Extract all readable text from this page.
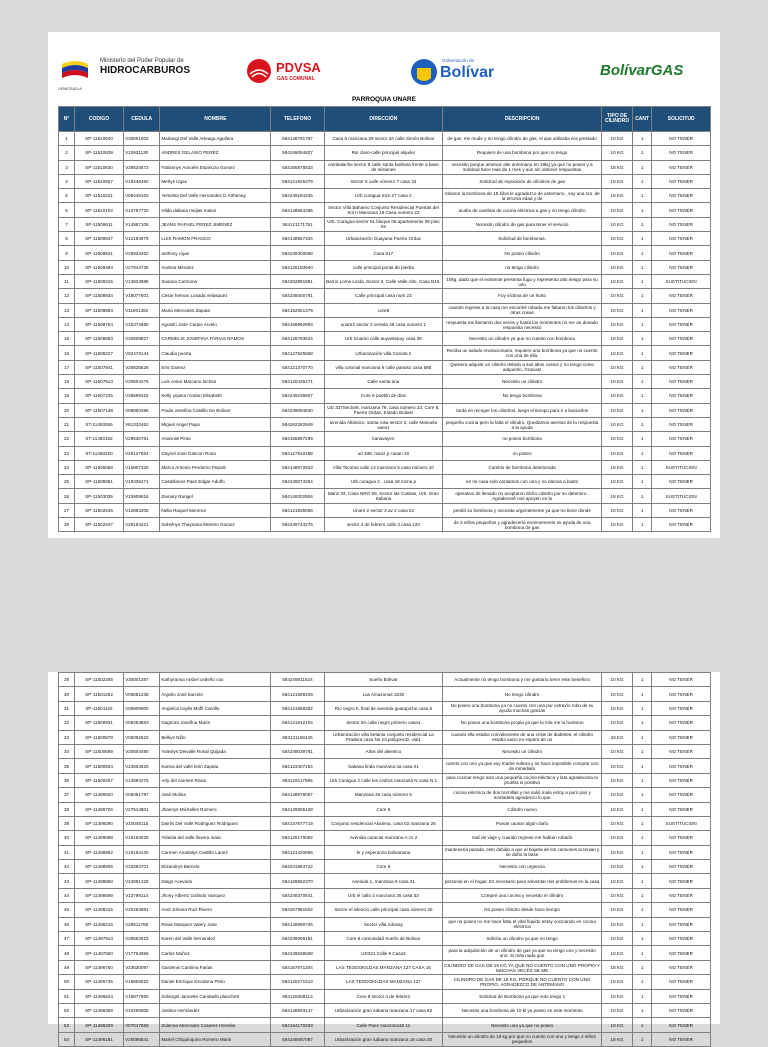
VENEZUELA
Ministerio del Poder Popular de
HIDROCARBUROS	PDVSA
GAS COMUNAL
Gobernación de
Bolívar	BolívarGAS
PARROQUIA UNARE
N°	CODIGO	CEDULA	NOMBRE	TELEFONO	DIRECCIÓN	DESCRIPCION	TIPO DE CILINDRO	CANT	SOLICITUD

1	SP-11510640	V30001502	Marlangi Del Valle Arteaga Aguilera	584148791797	Casa 6 manzana 29 sector 3A calle Simón Bolivar	de gas, me mude y no tengo cilindro de gas, el que utilizaba era prestado	10 KG	1	NO TENER

2	SP-11510639	V10931130	ANDRES GELASIO PEREZ	584249054827	Rio claro-calle principal alquiler	Requiero de una bombona por que no tengo	10 KG	1	NO TENER

3	SP-11510630	V28534672	Fatiannys Aracelis Espinoza Gomez	584165876833	cambalache sector 5 calle santa barbara frente a base de misiones	necesito porque amenaz alte antemano en 18kg ya que no poseo y a solicitud hace mas de 1 mes y aún sin obtener respuestas	18 KG	1	NO TENER

4	SP-11510557	V18246482	Merlys Ugas	584141925379	Sector 5 calle número 7 casa 33	Solicitud de reposición de cilindros de gas	18 KG	1	NO TENER

5	SP-11510241	V08448163	Yemelsa Del Valle Hernandez D Arthenay	584249184245	Urb curagua mzn.27 casa 2	robaron la bombona de 18 kilos.le agradezco de antemano , soy una sra. de la tercera edad y de	18 KG	1	NO TENER

6	SP-11510102	V13787720	Hilda daliana mejias matos	584148654365	Sector Villa Bahamo Conjunto Residencial Puertas del Sol II Manzana 15 Casa numero 22	acabo de cambiar de cocina eléctrica a gas y no tengo cilindro	10 KG	1	NO TENER

7	SP-11509611	V14987106	JEANS RAFAEL PEREZ JIMENEZ	584121171751	Urb. Curagua sector 01 bloque 06 apartamento 09 piso 02	Necesito cilindro de gas para tener el servicio	10 KG	1	NO TENER

8	SP-11509547	V12194979	LUIS RAMON FRANCO	584148957334	Urbanización Guayana Puerto Ordaz	Solicitud de bombonas.	10 KG	1	NO TENER

9	SP-11509521	V25933462	anthony rojas	584249300068	Casa 617	No poseo cilindro	10 KG	1	NO TENER

10	SP-11509484	V27644736	Andrea Méndez	584128183940	calle principal punta de piedra	no tengo cilindro	10 KG	1	NO TENER

11	SP-11509315	V13923888	Susana Carmona	584262891861	Barrio Loma Linda ,Sector 2, Calle Valle Alto, Casa N16.	10kg, dado que el existente presenta fuga y representa alto riesgo para su uso	10 KG	1	SUSTITUCION

12	SP-11508934	V18077501	Cesar hernan Losada velasquez	584249400791	Calle principal casa num 23	Fuy víctima de un hurto	10 KG	1	NO TENER

13	SP-11508893	V11901392	Maria Mercedes Zapata	584162851379	core8	cuando regrese a la casa me encontré robada me faltaron los cilindros y otras cosas	10 KG	1	NO TENER

14	SP-11508754	V15372680	Agustín Jose Carpio Arvelo	584169992993	unare2 sector 2 vereda 49 casa numero 1	respuesta me llamaron dos veces y hasta los momentos no me an donado respuesta necesito	10 KG	1	NO TENER

15	SP-11508683	V20808827	CARMELIS JOSEFINA FARIAS RAMOS	584128793624	Urb Guamo calle auyantepuy casa 38	Necesito un cilindro ya que no cuento con bombona	18 KG	1	NO TENER

16	SP-11508227	V02478144	Claudia puerta	584127625868	Urbanización villa Cariota 2	Reciba un saludo revolucionario, requiero una bombona ya que no cuento con una de ella.	10 KG	1	NO TENER

17	SP-11507841	V25835526	Eris Gamez	584121370770	villa colonial manzana 6 calle paraiso casa 588	Quisiera adquirir un cilindro debido a sus altos costos y no tengo como adquirirlo, Gracias!	10 KG	1	NO TENER

18	SP-11507613	V20504276	Luis cesar Marcano lochan	584120425271	Calle santa ana	Necesito un cilindro	10 KG	1	NO TENER

19	SP-11507225	V26599315	Kelly yojana rondon Elisabeth	584249236807	Core 8 pueblo de dios	No tengo bombona	10 KG	1	NO TENER

20	SP-11507138	V08850396	Paula Josefina Castillo De Bolivar	584249094830	UD 337Sector8, manzana 79, casa número 23, Core 8, Puerto Ordaz, Estado Bolivar	tarda en recoger los cilindros, luego el tiempo para ir a buscarlos	10 KG	1	NO TENER

21	ST-11493556	V81332462	Miguel Angel Papa	584262282849	avenida Atlántico, santa rosa sector 3, calle Manuela saenz	pequeña cocina pero la falta el cilindro. Quedamos atentos de la respuesta a la ayuda	10 KG	1	NO TENER

22	ST-11493162	V29630781	Arianniis Pinto	584165867299	kanavayen	no poseo bombona	10 KG	1	NO TENER

23	ST-11493220	V26127654	Daynel Jose Gascon Rosa	584127910498	ud 338, manz p casan 20	no poseo	10 KG	1	NO TENER

24	SP-11505058	V15907320	Marco Antonio Perdomo Pepalz	584148972633	Villa Tocoma calle 14 manzana 5 casa número 10	Cambio de bombona deteriorada	18 KG	1	SUSTITUCION

25	SP-11505061	V18335471	Castellanos Paez Edgar Adolfo	584249074264	Urb curagua 2 , casa 18 mzna p	en mi casa solo contamos con una y no damos a basto	10 KG	1	NO TENER

26	SP-11503035	V15909616	Zamary Rangel	584149202904	Manz 33, Casa NRO 89, Sector las Casitas, Urb. Gran Sabana	operativo de llenado no aceptaron dicho cilindro por su deterioro.. Agradeceré nos apoyen en la	18 KG	1	SUSTITUCION

27	SP-11502545	V12893208	Nelia Raquel Monrroe	584121935066	Unare 2 sector 3 av 2 casa 22	perdió su bombona y necesita urgentemente ya que no tiene donde	10 KG	1	NO TENER

28	SP-11502447	V26154221	Sahelnys Thaynana Moreno Gomez	584249744276	sector 4 de febrero calle 3 casa 120	de 3 niños pequeños y agradecería enormemente su ayuda de una bombona de gas	10 KG	1	NO TENER
29	SP-11502255	V30001387	Kathyranna rosbel cedeño cox	584249011624	Sueño Bolivar	Actualmente no tengo bombona y me gustaría tener este beneficio	10 KG	1	NO TENER

30	SP-11501262	V06651238	Argelio José barcelo	584121569229	Las Amazonas 3230	No tengo cilindro	10 KG	1	NO TENER

31	SP-11501104	V05909900	Angelica Iraylis Moffi Carrillo	584141858282	Rio negro II, final de avenida guarapiche casa 6	No poseo una bombona ya no cuento con una por extravío robo de su ayuda muchas gracias	10 KG	1	NO TENER

32	SP-11500931	V08453883	Dagnora Josefina Marin	584141912104	Sector 3A calle negro primero casa1	No poseo una bombona propia ya que la mía me la hurtaron	10 KG	1	NO TENER

33	SP-11500678	V05092622	Belkys Niño	584121158425	Urbanización villa betania conjunto residencial La Pradera casa No 13,polígonoD, vial1	cuando ella estaba convaleciente de una crisis de diabetes, el cilindro estaba vacio en espera de un	43 KG	1	NO TENER

34	SP-11500599	V20504490	Yolexlys Deivalle Rosal Quijada	584249039761	Altos del alientico	Necesito un cilindro	10 KG	1	NO TENER

35	SP-11500504	V23503825	Karina del valle león Zapata	584123407164	Sabana linda manzana 3a casa 01	cuento con uno ya que soy madre soltera y se hace imposible comprar uno de inmediato	10 KG	1	NO TENER

36	SP-11500257	V13994275	Arly del carmen Rivas	584129117595	Urb Curagua 2 calle los cedros manzana N casa N 1	para cocinar tengo solo una pequeña cocina eléctrica y lata agradeceria la prueba si positiva	10 KG	1	NO TENER

37	SP-11499920	V06351797	José Molina	584148976097	Manzana 46 casa número 8	cocina eléctrica de dos hornillas y me salió mala estoy a puro pan y mortadela agradezco lo que	10 KG	1	NO TENER

38	SP-11499706	V27514801	Jhannys Michelles Romero	584129806428	Core 8	Cilindro nuevo	10 KG	1	NO TENER

39	SP-11499290	V10049115	Dairlis Del Valle Rodriguez Rodriguez	584147677719	Conjunto residencial Akarima, casa 02,manzana 28	Puede causar algún daño	10 KG	1	SUSTITUCION

40	SP-11499098	V16164029	Yoleida del valle llovera mata	584125170082	Avenida caracas manzana A cn 2	Salí de viaje y cuando regrese me habían robado	10 KG	1	NO TENER

41	SP-11498962	V16164130	Carmen Anadelys Castillo Lanez	584121420556	fe y esperanza bolivariana	mantenería parada, esto debido a que al bajarla de los camiones la tenian y se daño la base	10 KG	1	NO TENER

42	SP-11498906	V33364701	Elizandrys Barcelo	584241884722	Core 8	Necesito con urgencia	10 KG	1	NO TENER

43	SP-11498860	V24891326	Diego Acevedo	584169862370	Avenida 1, manzana 6 casa 31	personal en el hogar. Es necesario para solventar mis problemas en la casa	10 KG	1	NO TENER

44	SP-11498589	V13799114	Jhony Alberto Galindo Vazquez	584249370541	Urb el callo 2 manzana 35 casa 33	Compré una cocina y necesito el cilindro	10 KG	1	NO TENER

45	SP-11498315	V20263981	Anel Johana Ruiz Rivero	584267981502	Sector el silencio calle principal casa número 40	No poseo cilindro desde hace tiempo	10 KG	1	NO TENER

46	SP-11498216	V28611765	Rivas Marquez Valery Jose	584148890745	Sector villa Adonay	que no poseo no me hace falta el vital líquido estoy cocinando en cocina eléctrica	10 KG	1	NO TENER

47	SP-11497913	V26582915	Karen del Valle hernandez	584249069181	Core 8 comunidad Sueño de Bolivar	Solicito un cilindro ya que no tengo	10 KG	1	NO TENER

48	SP-11497650	V17764956	Carlos Muñoz	584249639568	UD321 Calle 9 Casa3	para la adquisición de un cilindro de gas ya que no tengo uno y necesito uno. Si más nada que	10 KG	1	NO TENER

49	SP-11496750	V23530097	Gardenis Carolina Farias	584167971204	LAS TEODOKILDAS MANZANA 127 CASA 15	CILINDRO DE GAS DE 18 KG YA QUE NO CUENTO CON UNO PROPIO Y MUCHAS VECES SE ME	18 KG	1	NO TENER

50	SP-11496735	V18805522	Daniel Enrrique Escalona Pinto	584120271513	LAS TEODOKILDAS MANZANA 127	CILINDRO DE GAS DE 18 KG, PORQUE NO CUENTO CON UNO PROPIO, AGRADEZCO DE ANTEMANO	18 KG	1	NO TENER

51	SP-11496524	V15877860	Solangel Jannette Caraballo planchett	584128259113	Core 8 sector 4 de febrero	Solicitud de Bombona ya que solo tengo 1	10 KG	1	NO TENER

52	SP-11496359	V10295906	Justina Hernández	584148593147	Urbanización gran sabana manzana 17 casa 82	Necesito una bombona de 10 kl ya poseo en este momento	10 KG	1	NO TENER

53	SP-11496209	V07017658	Zulenna Mercedes Casares Heredia	584164170263	Calle Paez manzana18 11	Necesito una ya que no poseo	10 KG	1	NO TENER

54	SP-11496181	V25086541	Mariel Chiquinquira Romero Marin	584249697087	Urbanización gran sabana manzana 18 casa 30	Necesito un cilindro de 18 kg por que no cuento con uno y tengo 2 niños pequeños	18 KG	1	NO TENER
